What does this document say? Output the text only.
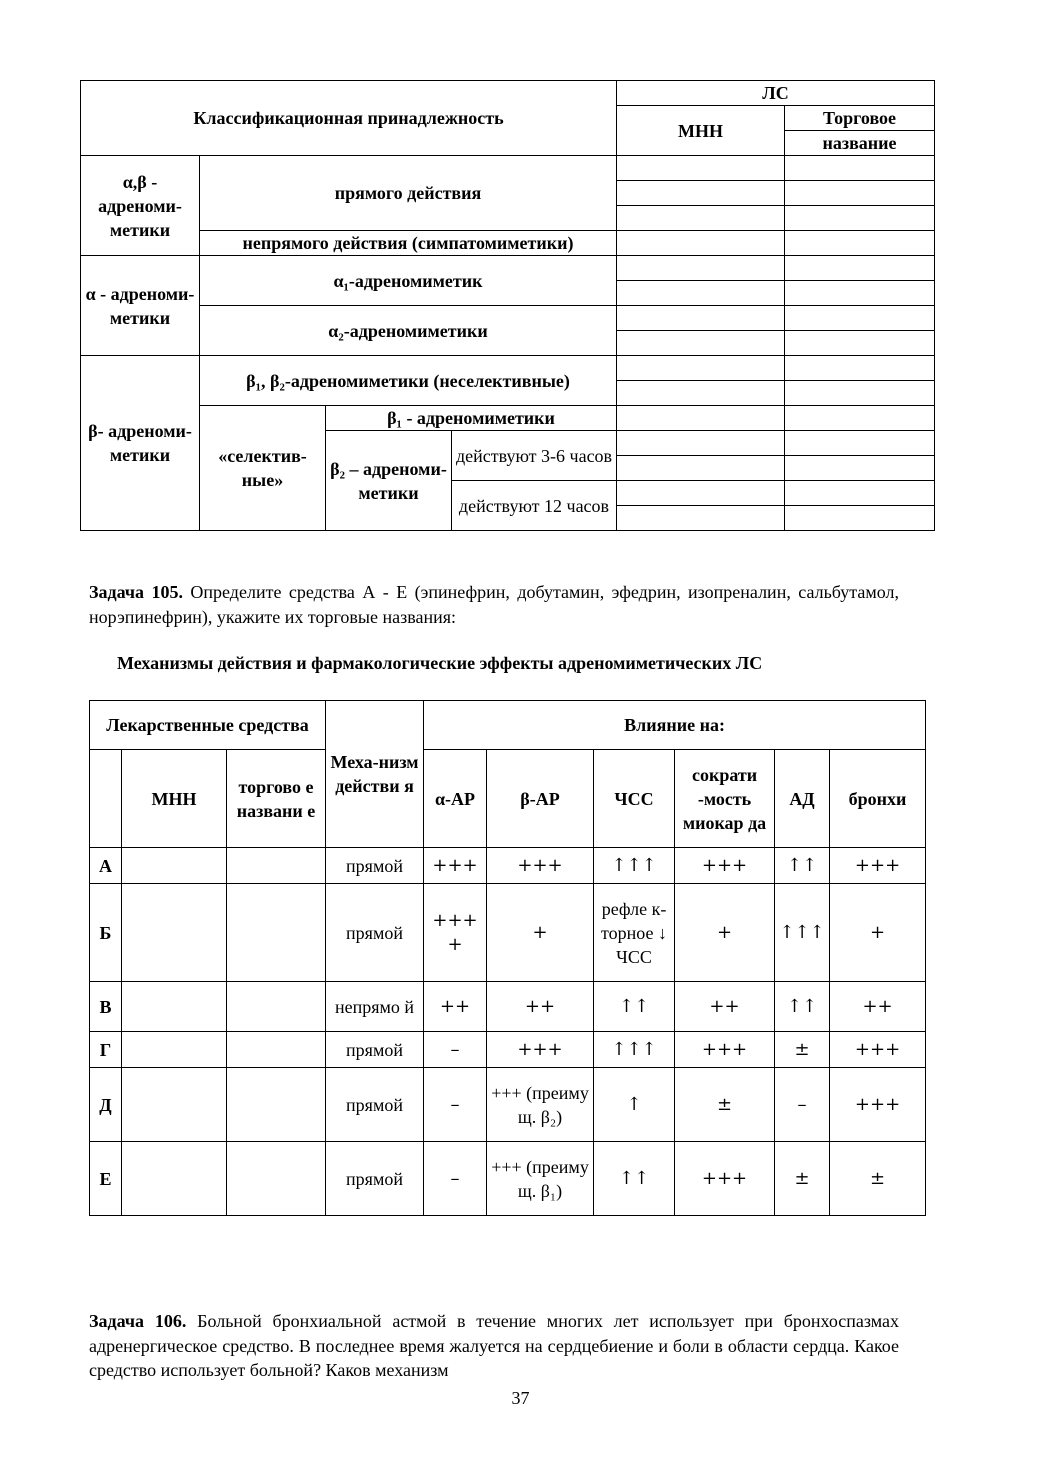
Классификационная принадлежность				ЛС	
				МНН	Торговое
					название
α,β - адреноми-метики	прямого действия				

	непрямого действия (симпатомиметики)				
α - адреноми-метики	α₁-адреномиметик				

	α₂-адреномиметики				

β- адреноми-метики	β₁, β₂-адреномиметики (неселективные)				

	«селектив-ные»	β₁ - адреномиметики			
		β₂ – адреноми-метики	действуют 3-6 часов		

			действуют 12 часов		

Задача 105. Определите средства А - Е (эпинефрин, добутамин, эфедрин, изопреналин, сальбутамол, норэпинефрин), укажите их торговые названия:
Механизмы действия и фармакологические эффекты адреномиметических ЛС
Лекарственные средства			Меха-низм действи я	Влияние на:					
	МНН	торгово е названи е		α-АР	β-АР	ЧСС	сократи -мость миокар да	АД	бронхи
А			прямой	+++	+++	↑↑↑	+++	↑↑	+++
Б			прямой	+++ +	+	рефле к- торное ↓ ЧСС	+	↑↑↑	+
В			непрямо й	++	++	↑↑	++	↑↑	++
Г			прямой	–	+++	↑↑↑	+++	±	+++
Д			прямой	–	+++ (преиму щ. β₂)	↑	±	–	+++
Е			прямой	–	+++ (преиму щ. β₁)	↑↑	+++	±	±
Задача 106. Больной бронхиальной астмой в течение многих лет использует при бронхоспазмах адренергическое средство. В последнее время жалуется на сердцебиение и боли в области сердца. Какое средство использует больной? Каков механизм
37
